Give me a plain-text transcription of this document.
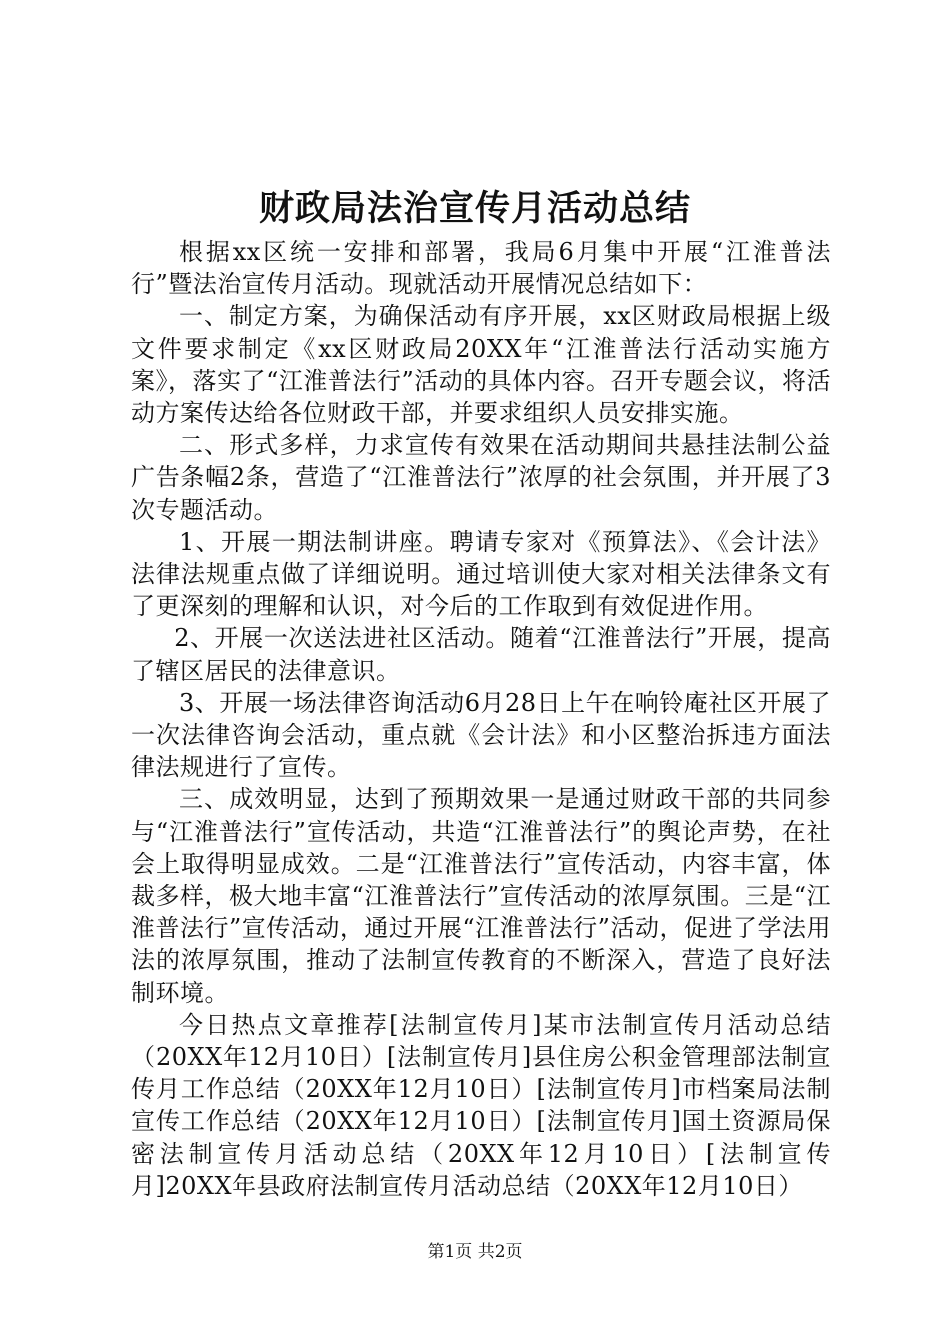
财政局法治宣传月活动总结

根据xx区统一安排和部署，我局6月集中开展“江淮普法行”暨法治宣传月活动。现就活动开展情况总结如下：

一、制定方案，为确保活动有序开展，xx区财政局根据上级文件要求制定《xx区财政局20XX年“江淮普法行活动实施方案》，落实了“江淮普法行”活动的具体内容。召开专题会议，将活动方案传达给各位财政干部，并要求组织人员安排实施。

二、形式多样，力求宣传有效果在活动期间共悬挂法制公益广告条幅2条，营造了“江淮普法行”浓厚的社会氛围，并开展了3次专题活动。

1、开展一期法制讲座。聘请专家对《预算法》、《会计法》法律法规重点做了详细说明。通过培训使大家对相关法律条文有了更深刻的理解和认识，对今后的工作取到有效促进作用。

2、开展一次送法进社区活动。随着“江淮普法行”开展，提高了辖区居民的法律意识。

3、开展一场法律咨询活动6月28日上午在响铃庵社区开展了一次法律咨询会活动，重点就《会计法》和小区整治拆违方面法律法规进行了宣传。

三、成效明显，达到了预期效果一是通过财政干部的共同参与“江淮普法行”宣传活动，共造“江淮普法行”的舆论声势，在社会上取得明显成效。二是“江淮普法行”宣传活动，内容丰富，体裁多样，极大地丰富“江淮普法行”宣传活动的浓厚氛围。三是“江淮普法行”宣传活动，通过开展“江淮普法行”活动，促进了学法用法的浓厚氛围，推动了法制宣传教育的不断深入，营造了良好法制环境。

今日热点文章推荐[法制宣传月]某市法制宣传月活动总结（20XX年12月10日）[法制宣传月]县住房公积金管理部法制宣传月工作总结（20XX年12月10日）[法制宣传月]市档案局法制宣传工作总结（20XX年12月10日）[法制宣传月]国土资源局保密法制宣传月活动总结（20XX年12月10日）[法制宣传月]20XX年县政府法制宣传月活动总结（20XX年12月10日）

第1页 共2页
